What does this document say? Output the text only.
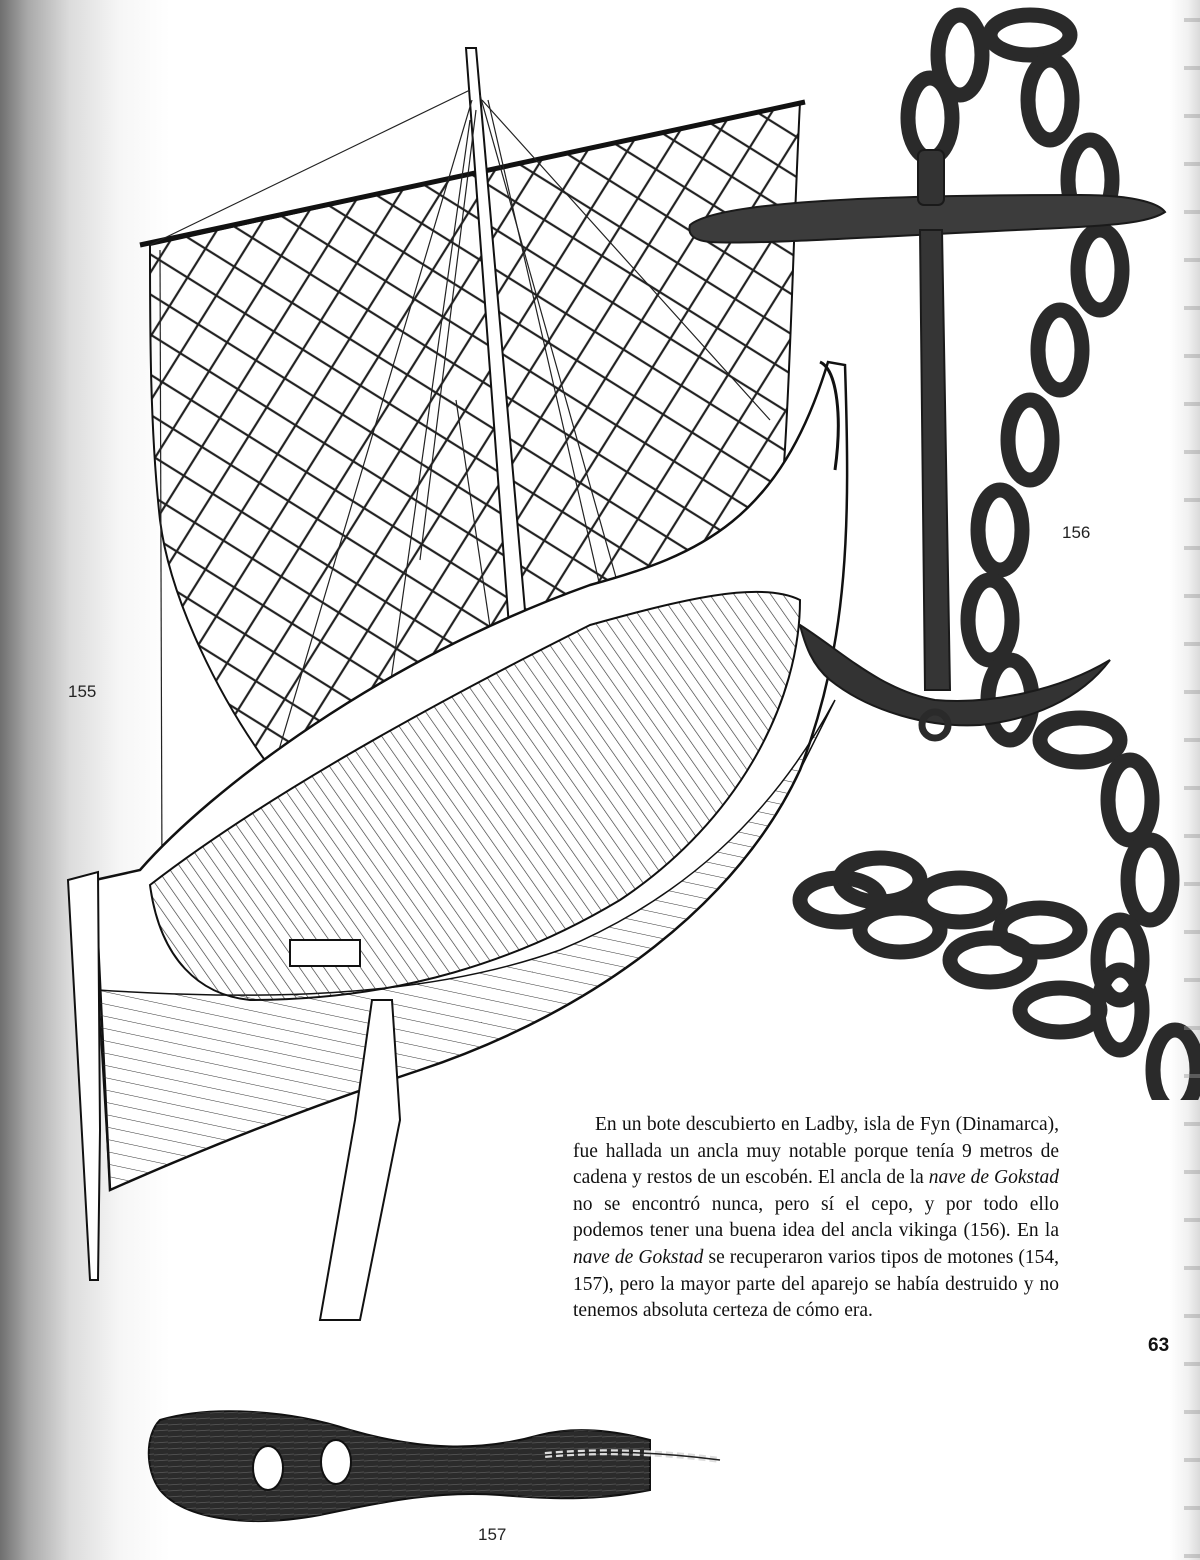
155
156
157

En un bote descubierto en Ladby, isla de Fyn (Dinamarca), fue hallada un ancla muy notable porque tenía 9 metros de cadena y restos de un escobén. El ancla de la nave de Gokstad no se encontró nunca, pero sí el cepo, y por todo ello podemos tener una buena idea del ancla vikinga (156). En la nave de Gokstad se recuperaron varios tipos de motones (154, 157), pero la mayor parte del aparejo se había destruido y no tenemos absoluta certeza de cómo era.

63
